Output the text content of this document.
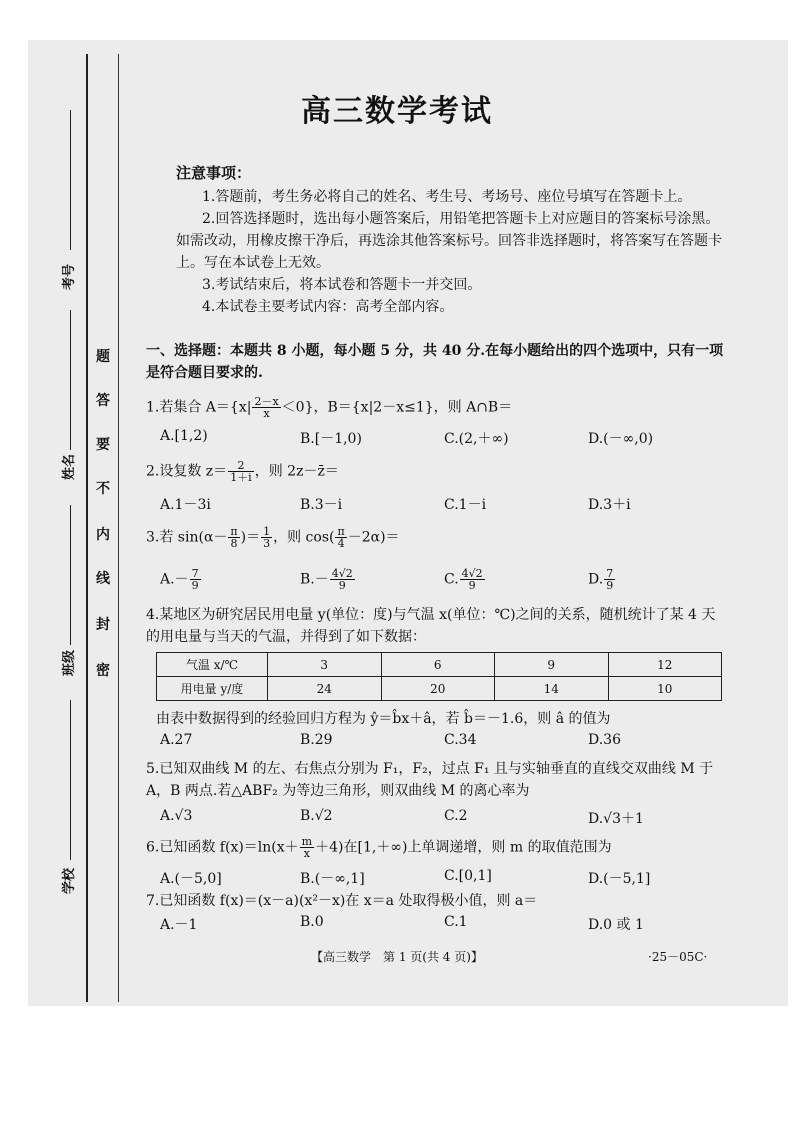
题
答
要
不
内
线
封
密
考号
姓名
班级
学校
高三数学考试
注意事项：
1.答题前，考生务必将自己的姓名、考生号、考场号、座位号填写在答题卡上。
2.回答选择题时，选出每小题答案后，用铅笔把答题卡上对应题目的答案标号涂黑。如需改动，用橡皮擦干净后，再选涂其他答案标号。回答非选择题时，将答案写在答题卡上。写在本试卷上无效。
3.考试结束后，将本试卷和答题卡一并交回。
4.本试卷主要考试内容：高考全部内容。
一、选择题：本题共 8 小题，每小题 5 分，共 40 分.在每小题给出的四个选项中，只有一项是符合题目要求的.
1.若集合 $A=\{x| \frac{2-x}{x} <0\}$，B＝{x|2－x≤1}，则 A∩B＝
A.[1,2)	B.[－1,0)	C.(2,＋∞)	D.(－∞,0)
2.设复数 $z= \frac{2}{1+i}$ ，则 2z－z̄＝
A.1－3i	B.3－i	C.1－i	D.3＋i
3.若 $\sin(\alpha- \frac{\pi}{8}$ )＝ $\frac{1}{3}$ ，则 $\cos( \frac{\pi}{4} -2\alpha)=$
$A.- \frac{7}{9}$	$B.- \frac{4√2}{9}$	C. $\frac{4√2}{9}$	D. $\frac{7}{9}$
4.某地区为研究居民用电量 y(单位：度)与气温 x(单位：℃)之间的关系，随机统计了某 4 天的用电量与当天的气温，并得到了如下数据：
气温 x/℃	3	6	9	12
用电量 y/度	24	20	14	10
由表中数据得到的经验回归方程为 ŷ＝b̂x＋â，若 b̂＝－1.6，则 â 的值为
A.27	B.29	C.34	D.36
5.已知双曲线 M 的左、右焦点分别为 F₁，F₂，过点 F₁ 且与实轴垂直的直线交双曲线 M 于 A，B 两点.若△ABF₂ 为等边三角形，则双曲线 M 的离心率为
A.√3	B.√2	C.2	D.√3＋1
6.已知函数 $f(x)=\ln(x+ \frac{m}{x} +4)$在[1,＋∞)上单调递增，则 m 的取值范围为
A.(－5,0]	B.(－∞,1]	C.[0,1]	D.(－5,1]
7.已知函数 f(x)＝(x－a)(x²－x)在 x＝a 处取得极小值，则 a＝
A.－1	B.0	C.1	D.0 或 1
【高三数学　第 1 页(共 4 页)】	·25－05C·
